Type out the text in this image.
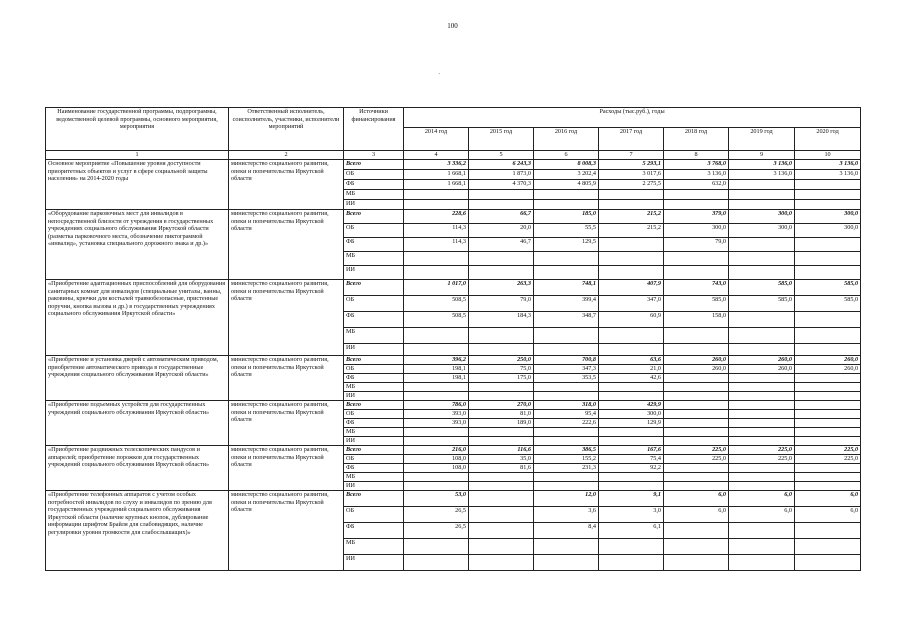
100
`
Наименование государственной программы, подпрограммы, ведомственной целевой программы, основного мероприятия, мероприятия	Ответственный исполнитель, соисполнитель, участники, исполнители мероприятий	Источники финансирования	Расходы (тыс.руб.), годы						
			2014 год	2015 год	2016 год	2017 год	2018 год	2019 год	2020 год
1	2	3	4	5	6	7	8	9	10
Основное мероприятие «Повышение уровня доступности приоритетных объектов и услуг в сфере социальной защиты населения» на 2014-2020 годы	министерство социального развития, опеки и попечительства Иркутской области	Всего	3 336,2	6 243,3	8 008,3	5 293,1	3 768,0	3 136,0	3 136,0
		ОБ	1 668,1	1 873,0	3 202,4	3 017,6	3 136,0	3 136,0	3 136,0
		ФБ	1 668,1	4 370,3	4 805,9	2 275,5	632,0		
		МБ							
		ИИ							
«Оборудование парковочных мест для инвалидов в непосредственной близости от учреждения в государственных учреждениях социального обслуживания Иркутской области (разметка парковочного места, обозначение пиктограммой «инвалид», установка специального дорожного знака и др.)»	министерство социального развития, опеки и попечительства Иркутской области	Всего	228,6	66,7	185,0	215,2	379,0	300,0	300,0
		ОБ	114,3	20,0	55,5	215,2	300,0	300,0	300,0
		ФБ	114,3	46,7	129,5		79,0		
		МБ							
		ИИ							
«Приобретение адаптационных приспособлений для оборудования санитарных комнат для инвалидов (специальные унитазы, ванны, раковины, крючки для костылей травмобезопасные, пристенные поручни, кнопка вызова и др.) в государственных учреждениях социального обслуживания Иркутской области»	министерство социального развития, опеки и попечительства Иркутской области	Всего	1 017,0	263,3	748,1	407,9	743,0	585,0	585,0
		ОБ	508,5	79,0	399,4	347,0	585,0	585,0	585,0
		ФБ	508,5	184,3	348,7	60,9	158,0		
		МБ							
		ИИ							
«Приобретение и установка дверей с автоматическим приводом, приобретение автоматического привода в государственные учреждения социального обслуживания Иркутской области»	министерство социального развития, опеки и попечительства Иркутской области	Всего	396,2	250,0	700,8	63,6	260,0	260,0	260,0
		ОБ	198,1	75,0	347,3	21,0	260,0	260,0	260,0
		ФБ	198,1	175,0	353,5	42,6			
		МБ							
		ИИ							
«Приобретение подъемных устройств для государственных учреждений социального обслуживания Иркутской области»	министерство социального развития, опеки и попечительства Иркутской области	Всего	786,0	270,0	318,0	429,9			
		ОБ	393,0	81,0	95,4	300,0			
		ФБ	393,0	189,0	222,6	129,9			
		МБ							
		ИИ							
«Приобретение раздвижных телескопических пандусов и аппарелей; приобретение порожков для государственных учреждений социального обслуживания Иркутской области»	министерство социального развития, опеки и попечительства Иркутской области	Всего	216,0	116,6	386,5	167,6	225,0	225,0	225,0
		ОБ	108,0	35,0	155,2	75,4	225,0	225,0	225,0
		ФБ	108,0	81,6	231,3	92,2			
		МБ							
		ИИ							
«Приобретение телефонных аппаратов с учетом особых потребностей инвалидов по слуху и инвалидов по зрению для государственных учреждений социального обслуживания Иркутской области (наличие крупных кнопок, дублирование информации шрифтом Брайля для слабовидящих, наличие регулировки уровня громкости для слабослышащих)»	министерство социального развития, опеки и попечительства Иркутской области	Всего	53,0		12,0	9,1	6,0	6,0	6,0
		ОБ	26,5		3,6	3,0	6,0	6,0	6,0
		ФБ	26,5		8,4	6,1			
		МБ							
		ИИ							
